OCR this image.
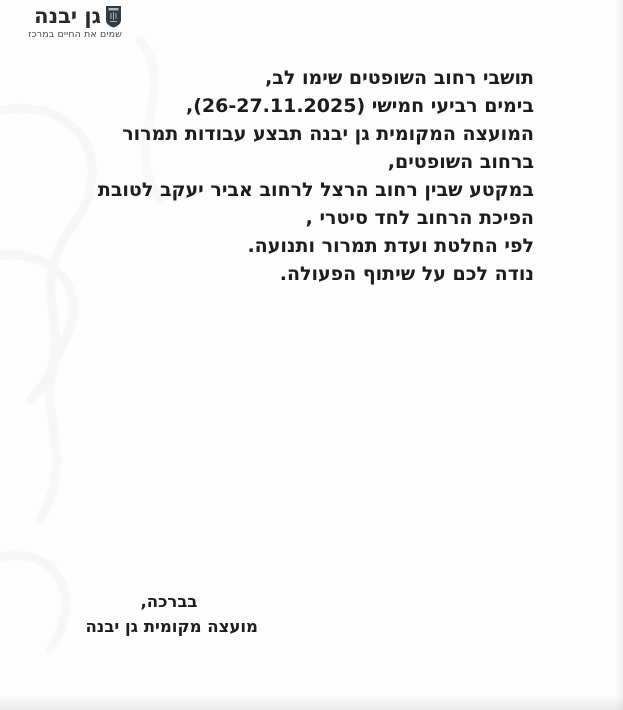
גן יבנה
שמים את החיים במרכז

תושבי רחוב השופטים שימו לב,

בימים רביעי חמישי (26-27.11.2025),

המועצה המקומית גן יבנה תבצע עבודות תמרור
ברחוב השופטים,

במקטע שבין רחוב הרצל לרחוב אביר יעקב לטובת
הפיכת הרחוב לחד סיטרי ,

לפי החלטת ועדת תמרור ותנועה.

נודה לכם על שיתוף הפעולה.

בברכה,
מועצה מקומית גן יבנה
